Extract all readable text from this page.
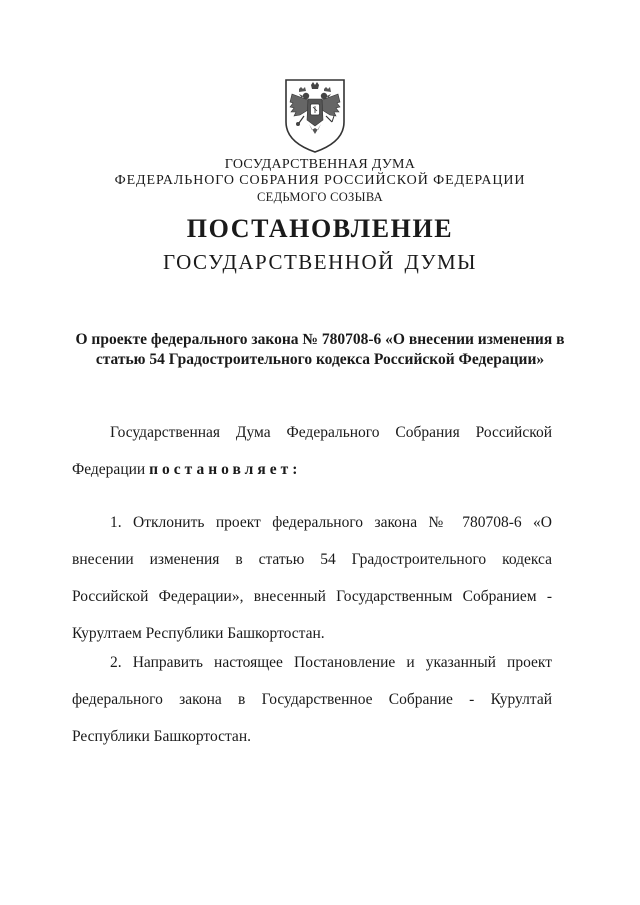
ГОСУДАРСТВЕННАЯ ДУМА
ФЕДЕРАЛЬНОГО СОБРАНИЯ РОССИЙСКОЙ ФЕДЕРАЦИИ
СЕДЬМОГО СОЗЫВА
ПОСТАНОВЛЕНИЕ
ГОСУДАРСТВЕННОЙ ДУМЫ
О проекте федерального закона № 780708-6 «О внесении изменения в статью 54 Градостроительного кодекса Российской Федерации»
Государственная Дума Федерального Собрания Российской Федерации постановляет:
1. Отклонить проект федерального закона № 780708-6 «О внесении изменения в статью 54 Градостроительного кодекса Российской Федерации», внесенный Государственным Собранием - Курултаем Республики Башкортостан.
2. Направить настоящее Постановление и указанный проект федерального закона в Государственное Собрание - Курултай Республики Башкортостан.
